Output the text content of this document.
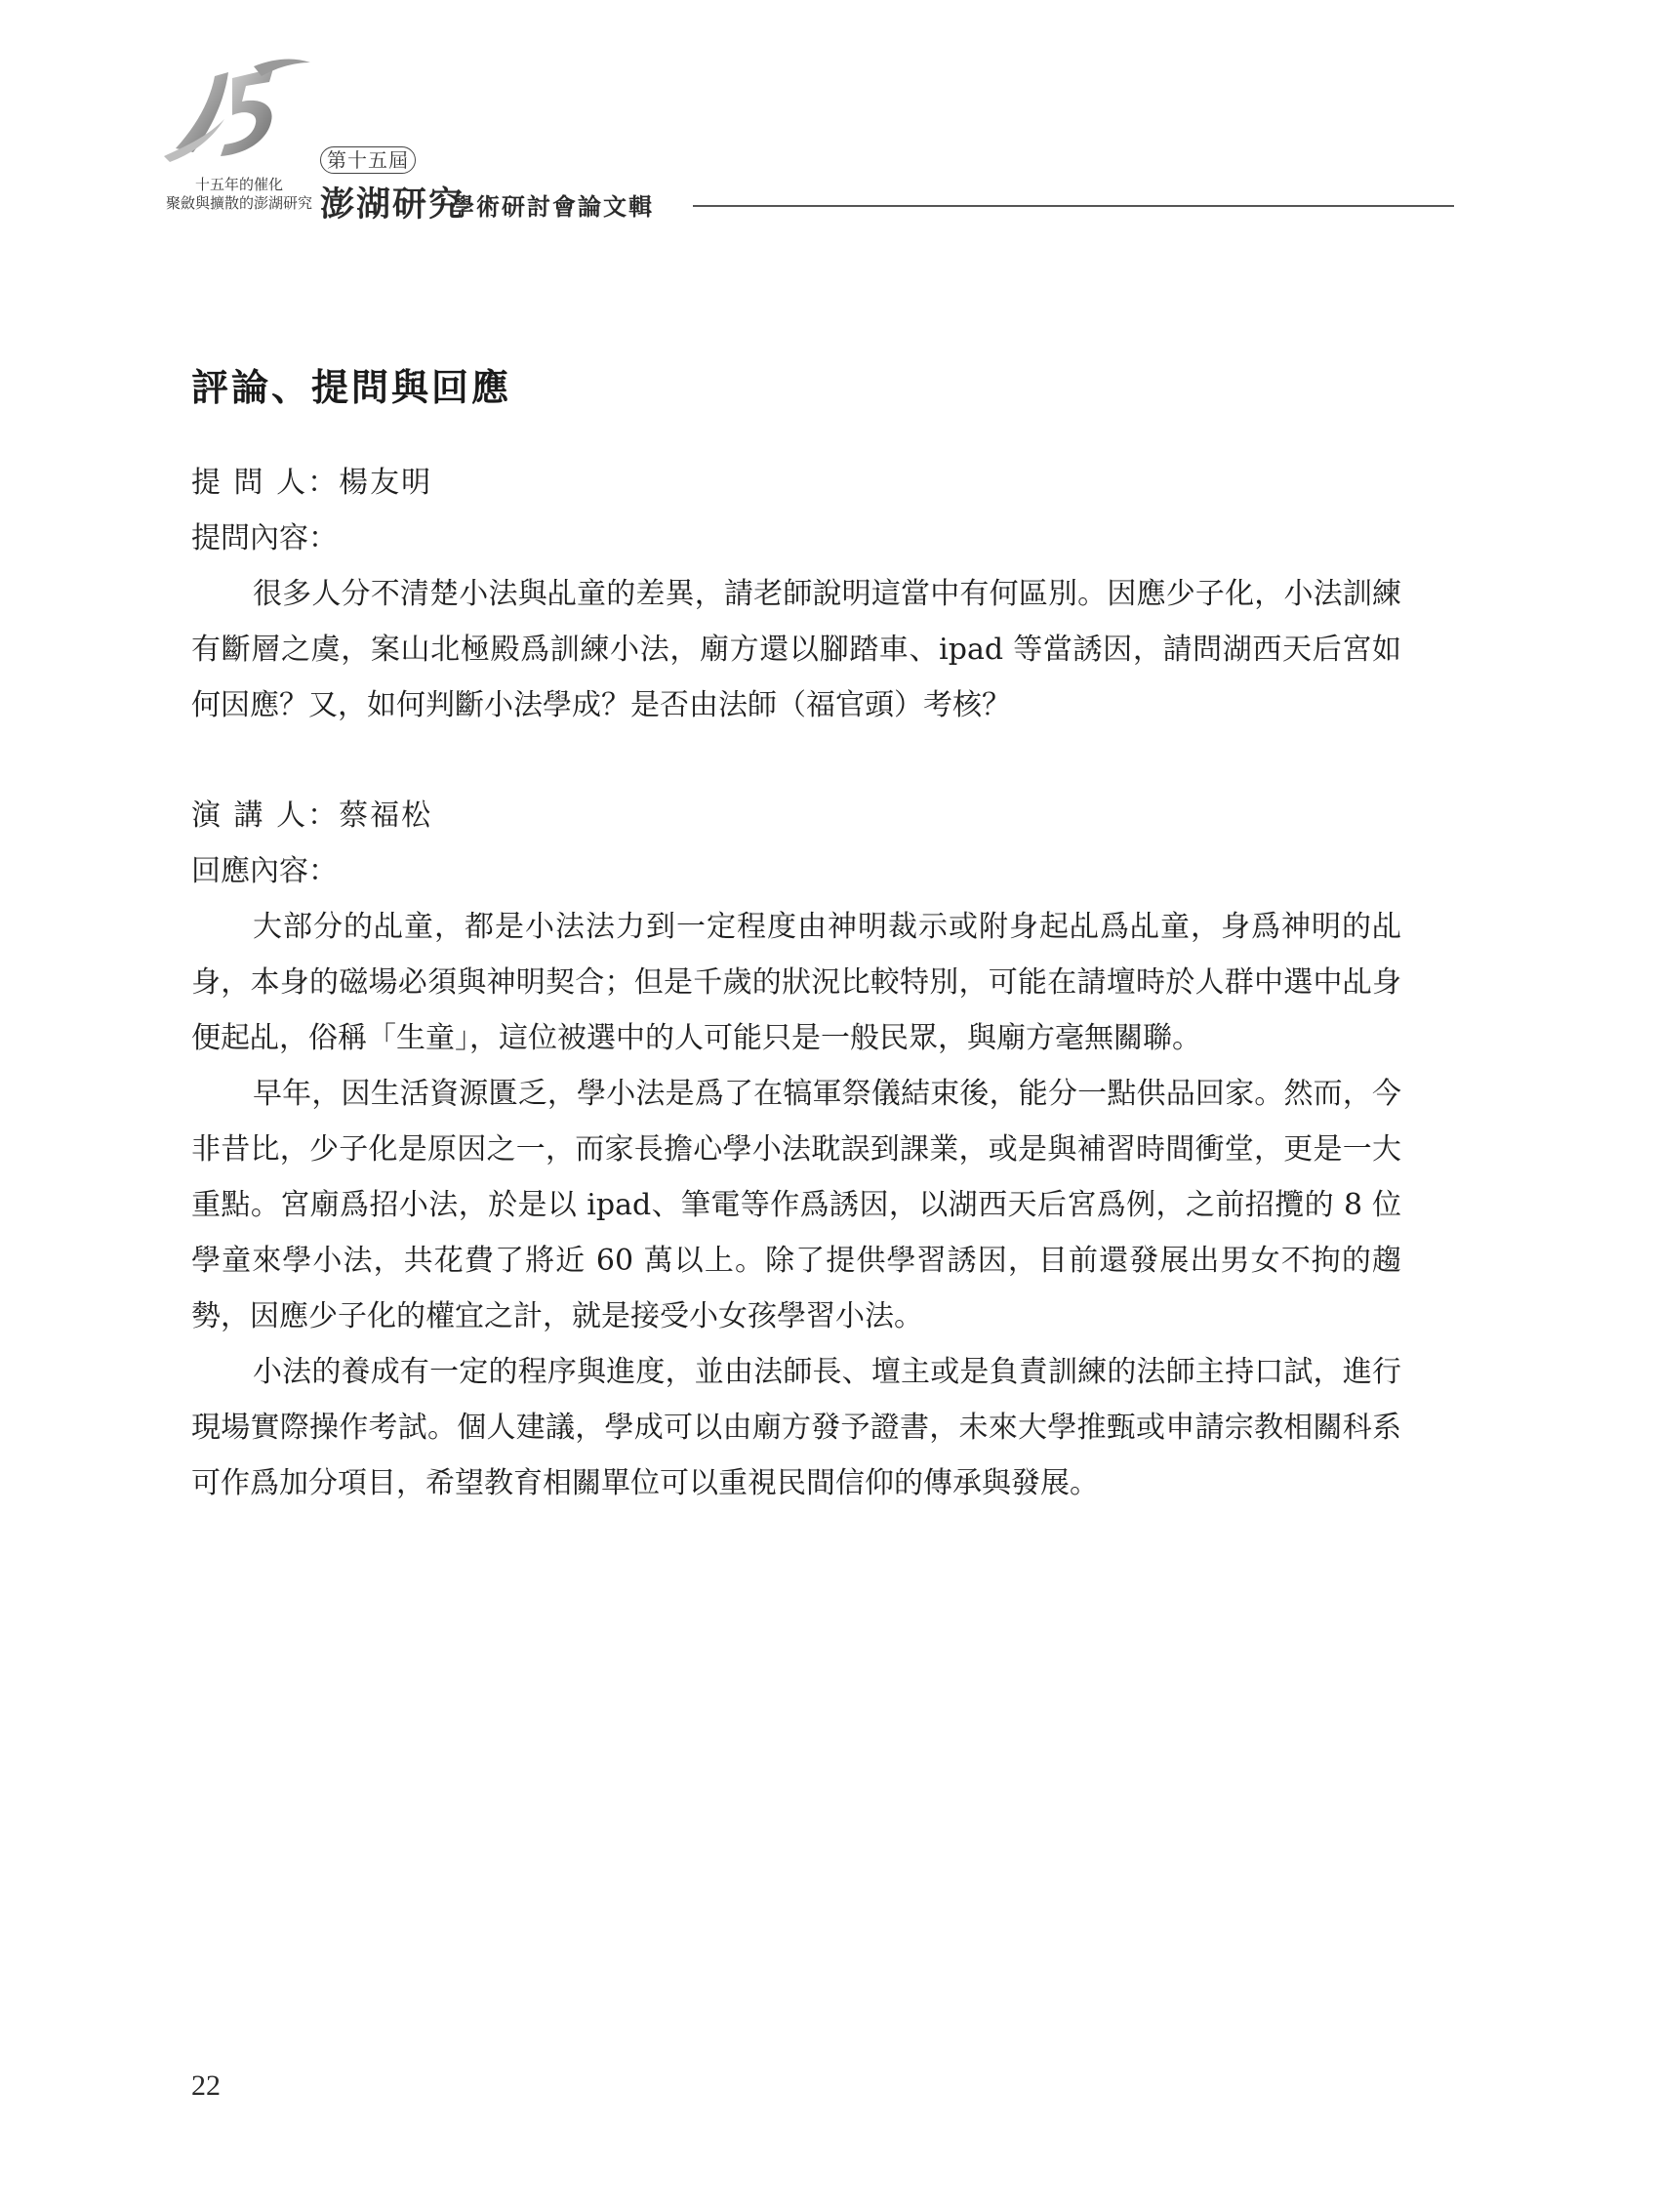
十五年的催化
聚斂與擴散的澎湖研究
第十五屆
澎湖研究
學術研討會論文輯
評論、提問與回應

提 問 人：楊友明

提問內容：

很多人分不清楚小法與乩童的差異，請老師說明這當中有何區別。因應少子化，小法訓練有斷層之虞，案山北極殿爲訓練小法，廟方還以腳踏車、ipad 等當誘因，請問湖西天后宮如何因應？又，如何判斷小法學成？是否由法師（福官頭）考核？

演 講 人：蔡福松

回應內容：

大部分的乩童，都是小法法力到一定程度由神明裁示或附身起乩爲乩童，身爲神明的乩身，本身的磁場必須與神明契合；但是千歲的狀況比較特別，可能在請壇時於人群中選中乩身便起乩，俗稱「生童」，這位被選中的人可能只是一般民眾，與廟方毫無關聯。

早年，因生活資源匱乏，學小法是爲了在犒軍祭儀結束後，能分一點供品回家。然而，今非昔比，少子化是原因之一，而家長擔心學小法耽誤到課業，或是與補習時間衝堂，更是一大重點。宮廟爲招小法，於是以 ipad、筆電等作爲誘因，以湖西天后宮爲例，之前招攬的 8 位學童來學小法，共花費了將近 60 萬以上。除了提供學習誘因，目前還發展出男女不拘的趨勢，因應少子化的權宜之計，就是接受小女孩學習小法。

小法的養成有一定的程序與進度，並由法師長、壇主或是負責訓練的法師主持口試，進行現場實際操作考試。個人建議，學成可以由廟方發予證書，未來大學推甄或申請宗教相關科系可作爲加分項目，希望教育相關單位可以重視民間信仰的傳承與發展。

22
